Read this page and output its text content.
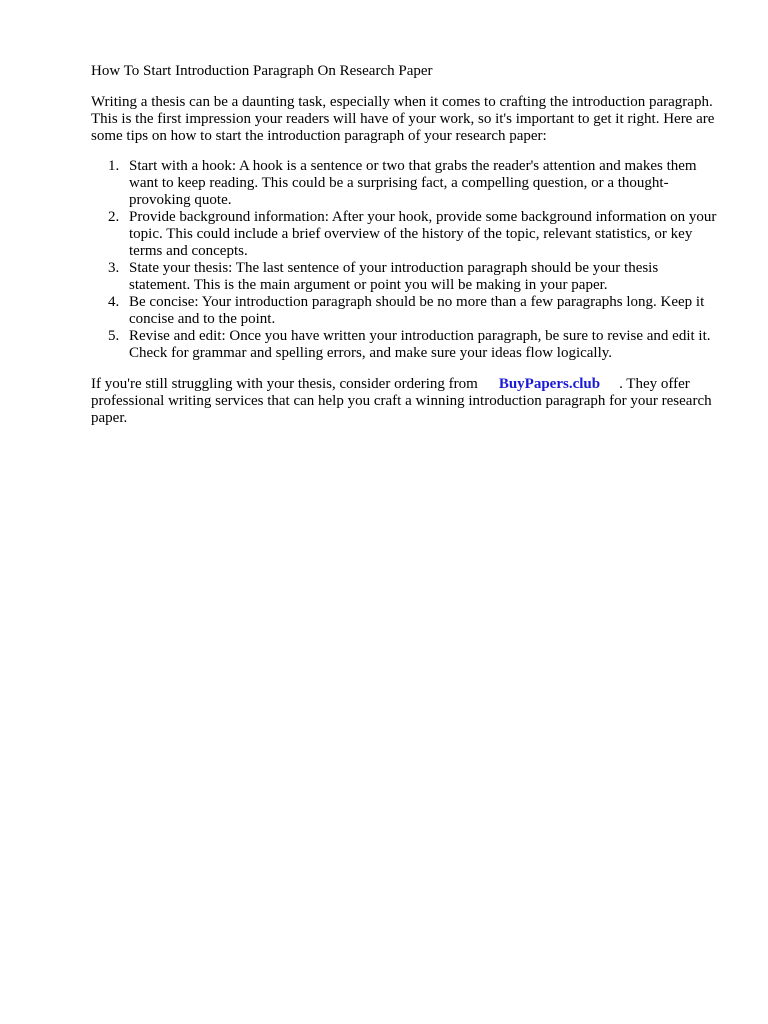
How To Start Introduction Paragraph On Research Paper

Writing a thesis can be a daunting task, especially when it comes to crafting the introduction paragraph. This is the first impression your readers will have of your work, so it's important to get it right. Here are some tips on how to start the introduction paragraph of your research paper:

1. Start with a hook: A hook is a sentence or two that grabs the reader's attention and makes them want to keep reading. This could be a surprising fact, a compelling question, or a thought-provoking quote.
2. Provide background information: After your hook, provide some background information on your topic. This could include a brief overview of the history of the topic, relevant statistics, or key terms and concepts.
3. State your thesis: The last sentence of your introduction paragraph should be your thesis statement. This is the main argument or point you will be making in your paper.
4. Be concise: Your introduction paragraph should be no more than a few paragraphs long. Keep it concise and to the point.
5. Revise and edit: Once you have written your introduction paragraph, be sure to revise and edit it. Check for grammar and spelling errors, and make sure your ideas flow logically.

If you're still struggling with your thesis, consider ordering from BuyPapers.club . They offer professional writing services that can help you craft a winning introduction paragraph for your research paper.
